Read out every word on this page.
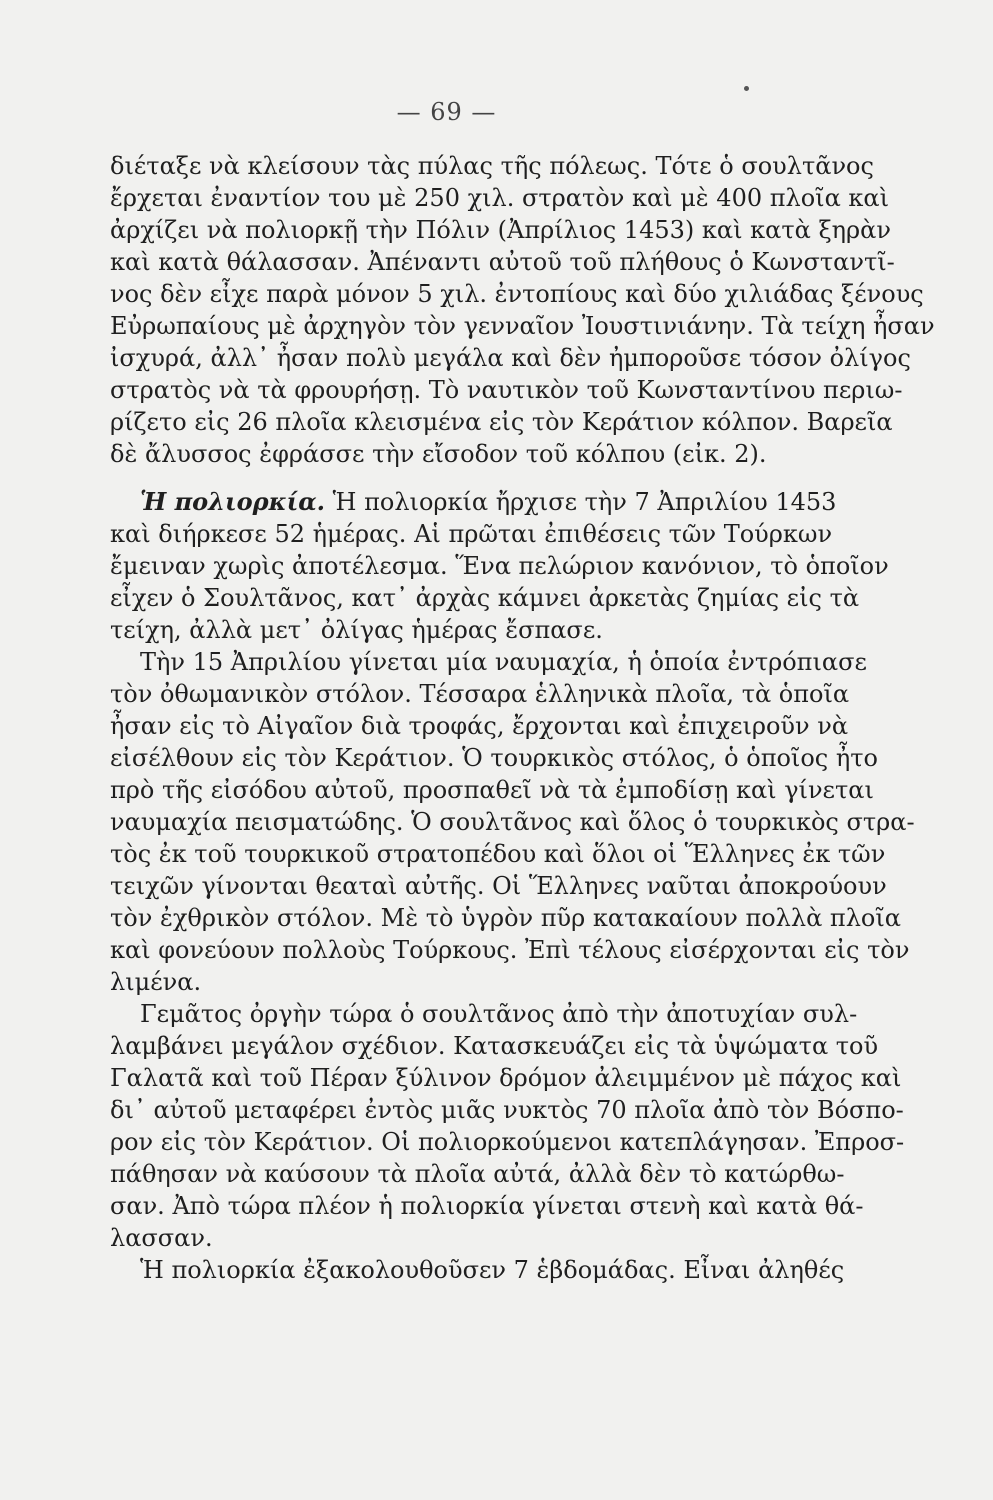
— 69 —
διέταξε νὰ κλείσουν τὰς πύλας τῆς πόλεως. Τότε ὁ σουλτᾶνος
ἔρχεται ἐναντίον του μὲ 250 χιλ. στρατὸν καὶ μὲ 400 πλοῖα καὶ
ἀρχίζει νὰ πολιορκῇ τὴν Πόλιν (Ἀπρίλιος 1453) καὶ κατὰ ξηρὰν
καὶ κατὰ θάλασσαν. Ἀπέναντι αὐτοῦ τοῦ πλήθους ὁ Κωνσταντῖ-
νος δὲν εἶχε παρὰ μόνον 5 χιλ. ἐντοπίους καὶ δύο χιλιάδας ξένους
Εὐρωπαίους μὲ ἀρχηγὸν τὸν γενναῖον Ἰουστινιάνην. Τὰ τείχη ἦσαν
ἰσχυρά, ἀλλ᾽ ἦσαν πολὺ μεγάλα καὶ δὲν ἠμποροῦσε τόσον ὀλίγος
στρατὸς νὰ τὰ φρουρήσῃ. Τὸ ναυτικὸν τοῦ Κωνσταντίνου περιω-
ρίζετο εἰς 26 πλοῖα κλεισμένα εἰς τὸν Κεράτιον κόλπον. Βαρεῖα
δὲ ἄλυσσος ἐφράσσε τὴν εἴσοδον τοῦ κόλπου (εἰκ. 2).
Ἡ πολιορκία. Ἡ πολιορκία ἤρχισε τὴν 7 Ἀπριλίου 1453
καὶ διήρκεσε 52 ἡμέρας. Αἱ πρῶται ἐπιθέσεις τῶν Τούρκων
ἔμειναν χωρὶς ἀποτέλεσμα. Ἕνα πελώριον κανόνιον, τὸ ὁποῖον
εἶχεν ὁ Σουλτᾶνος, κατ᾽ ἀρχὰς κάμνει ἀρκετὰς ζημίας εἰς τὰ
τείχη, ἀλλὰ μετ᾽ ὀλίγας ἡμέρας ἔσπασε.
Τὴν 15 Ἀπριλίου γίνεται μία ναυμαχία, ἡ ὁποία ἐντρόπιασε
τὸν ὀθωμανικὸν στόλον. Τέσσαρα ἑλληνικὰ πλοῖα, τὰ ὁποῖα
ἦσαν εἰς τὸ Αἰγαῖον διὰ τροφάς, ἔρχονται καὶ ἐπιχειροῦν νὰ
εἰσέλθουν εἰς τὸν Κεράτιον. Ὁ τουρκικὸς στόλος, ὁ ὁποῖος ἦτο
πρὸ τῆς εἰσόδου αὐτοῦ, προσπαθεῖ νὰ τὰ ἐμποδίσῃ καὶ γίνεται
ναυμαχία πεισματώδης. Ὁ σουλτᾶνος καὶ ὅλος ὁ τουρκικὸς στρα-
τὸς ἐκ τοῦ τουρκικοῦ στρατοπέδου καὶ ὅλοι οἱ Ἕλληνες ἐκ τῶν
τειχῶν γίνονται θεαταὶ αὐτῆς. Οἱ Ἕλληνες ναῦται ἀποκρούουν
τὸν ἐχθρικὸν στόλον. Μὲ τὸ ὑγρὸν πῦρ κατακαίουν πολλὰ πλοῖα
καὶ φονεύουν πολλοὺς Τούρκους. Ἐπὶ τέλους εἰσέρχονται εἰς τὸν
λιμένα.
Γεμᾶτος ὀργὴν τώρα ὁ σουλτᾶνος ἀπὸ τὴν ἀποτυχίαν συλ-
λαμβάνει μεγάλον σχέδιον. Κατασκευάζει εἰς τὰ ὑψώματα τοῦ
Γαλατᾶ καὶ τοῦ Πέραν ξύλινον δρόμον ἀλειμμένον μὲ πάχος καὶ
δι᾽ αὐτοῦ μεταφέρει ἐντὸς μιᾶς νυκτὸς 70 πλοῖα ἀπὸ τὸν Βόσπο-
ρον εἰς τὸν Κεράτιον. Οἱ πολιορκούμενοι κατεπλάγησαν. Ἐπροσ-
πάθησαν νὰ καύσουν τὰ πλοῖα αὐτά, ἀλλὰ δὲν τὸ κατώρθω-
σαν. Ἀπὸ τώρα πλέον ἡ πολιορκία γίνεται στενὴ καὶ κατὰ θά-
λασσαν.
Ἡ πολιορκία ἐξακολουθοῦσεν 7 ἑβδομάδας. Εἶναι ἀληθές
